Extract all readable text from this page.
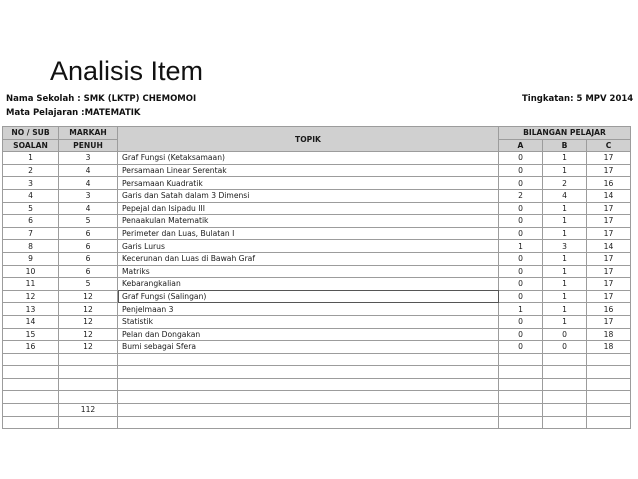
Analisis Item
Nama Sekolah : SMK (LKTP) CHEMOMOI	Tingkatan: 5 MPV 2014
Mata Pelajaran :MATEMATIK
NO / SUB	MARKAH	TOPIK	BILANGAN PELAJAR		
SOALAN	PENUH		A	B	C
1	3	Graf Fungsi (Ketaksamaan)	0	1	17
2	4	Persamaan Linear Serentak	0	1	17
3	4	Persamaan Kuadratik	0	2	16
4	3	Garis dan Satah dalam 3 Dimensi	2	4	14
5	4	Pepejal dan Isipadu III	0	1	17
6	5	Penaakulan Matematik	0	1	17
7	6	Perimeter dan Luas, Bulatan I	0	1	17
8	6	Garis Lurus	1	3	14
9	6	Kecerunan dan Luas di Bawah Graf	0	1	17
10	6	Matriks	0	1	17
11	5	Kebarangkalian	0	1	17
12	12	Graf Fungsi (Salingan)	0	1	17
13	12	Penjelmaan 3	1	1	16
14	12	Statistik	0	1	17
15	12	Pelan dan Dongakan	0	0	18
16	12	Bumi sebagai Sfera	0	0	18

	112				
